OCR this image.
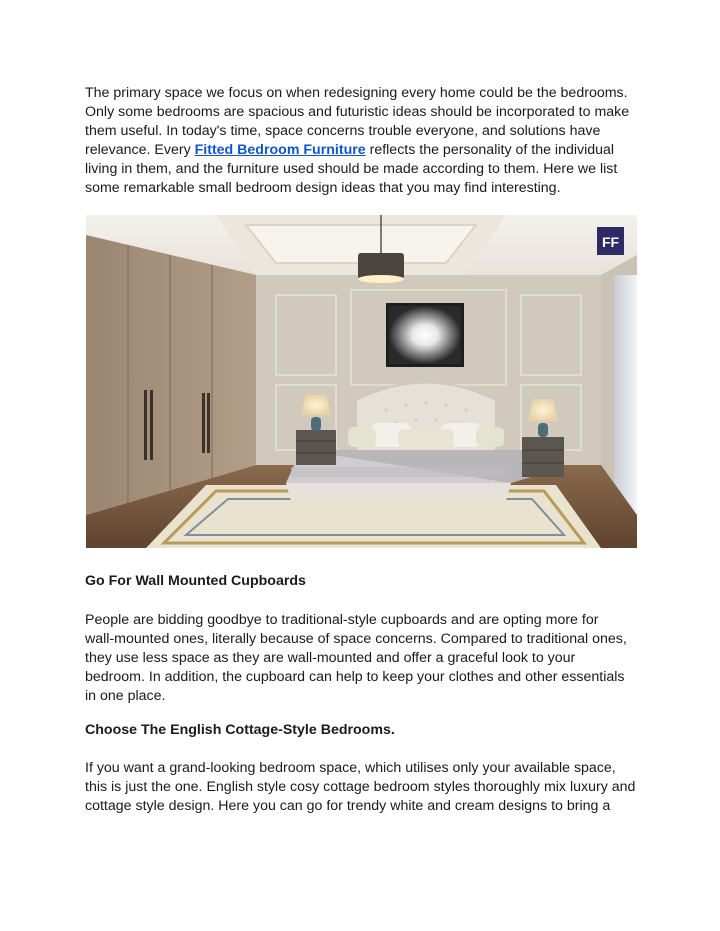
The primary space we focus on when redesigning every home could be the bedrooms.
Only some bedrooms are spacious and futuristic ideas should be incorporated to make
them useful. In today's time, space concerns trouble everyone, and solutions have
relevance. Every Fitted Bedroom Furniture reflects the personality of the individual
living in them, and the furniture used should be made according to them. Here we list
some remarkable small bedroom design ideas that you may find interesting.

FF

Go For Wall Mounted Cupboards

People are bidding goodbye to traditional-style cupboards and are opting more for
wall-mounted ones, literally because of space concerns. Compared to traditional ones,
they use less space as they are wall-mounted and offer a graceful look to your
bedroom. In addition, the cupboard can help to keep your clothes and other essentials
in one place.

Choose The English Cottage-Style Bedrooms.

If you want a grand-looking bedroom space, which utilises only your available space,
this is just the one. English style cosy cottage bedroom styles thoroughly mix luxury and
cottage style design. Here you can go for trendy white and cream designs to bring a
